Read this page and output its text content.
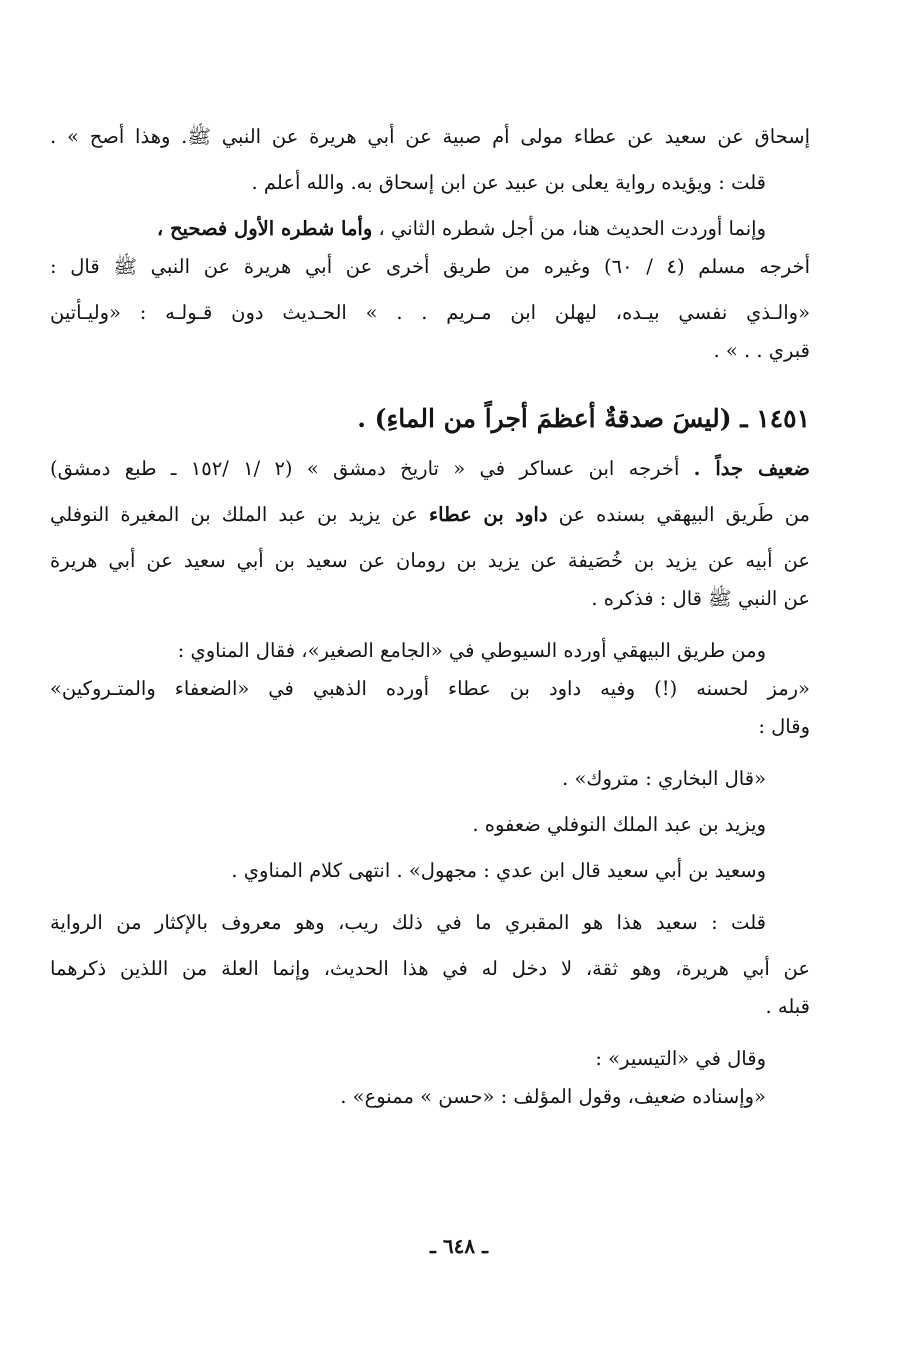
إسحاق عن سعيد عن عطاء مولى أم صبية عن أبي هريرة عن النبي ﷺ. وهذا أصح » .
قلت : ويؤيده رواية يعلى بن عبيد عن ابن إسحاق به. والله أعلم .
وإنما أوردت الحديث هنا، من أجل شطره الثاني ، وأما شطره الأول فصحيح ،
أخرجه مسلم (٤ / ٦٠) وغيره من طريق أخرى عن أبي هريرة عن النبي ﷺ قال :
«والـذي نفسي بيـده، ليهلن ابن مـريم . . » الحـديث دون قـولـه : «وليـأتين
قبري . . » .
١٤٥١ ـ (ليسَ صدقةٌ أعظمَ أجراً من الماءِ) .
ضعيف جداً . أخرجه ابن عساكر في « تاريخ دمشق » (٢ /١ /١٥٢ ـ طبع دمشق)
من طَريق البيهقي بسنده عن داود بن عطاء عن يزيد بن عبد الملك بن المغيرة النوفلي
عن أبيه عن يزيد بن خُصَيفة عن يزيد بن رومان عن سعيد بن أبي سعيد عن أبي هريرة
عن النبي ﷺ قال : فذكره .
ومن طريق البيهقي أورده السيوطي في «الجامع الصغير»، فقال المناوي :
«رمز لحسنه (!) وفيه داود بن عطاء أورده الذهبي في «الضعفاء والمتـروكين»
وقال :
«قال البخاري : متروك» .
ويزيد بن عبد الملك النوفلي ضعفوه .
وسعيد بن أبي سعيد قال ابن عدي : مجهول» . انتهى كلام المناوي .
قلت : سعيد هذا هو المقبري ما في ذلك ريب، وهو معروف بالإكثار من الرواية
عن أبي هريرة، وهو ثقة، لا دخل له في هذا الحديث، وإنما العلة من اللذين ذكرهما
قبله .
وقال في «التيسير» :
«وإسناده ضعيف، وقول المؤلف : «حسن » ممنوع» .
ـ ٦٤٨ ـ
